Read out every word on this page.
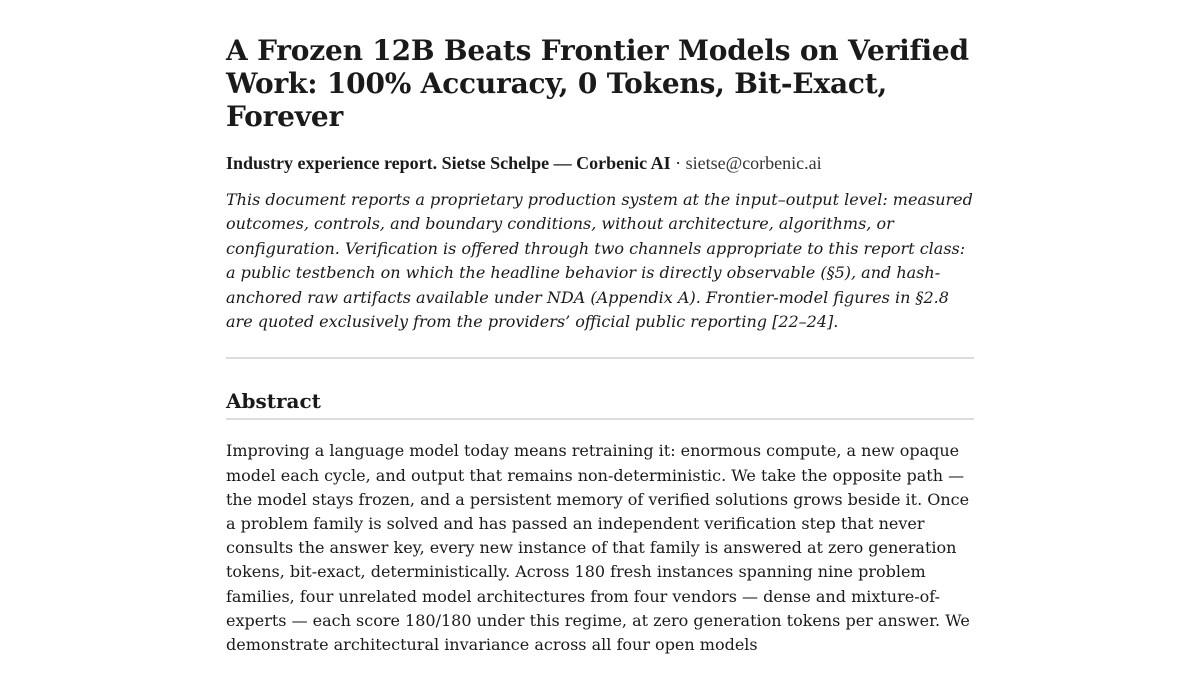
A Frozen 12B Beats Frontier Models on Verified Work: 100% Accuracy, 0 Tokens, Bit-Exact, Forever
Industry experience report. Sietse Schelpe — Corbenic AI · sietse@corbenic.ai

This document reports a proprietary production system at the input–output level: measured outcomes, controls, and boundary conditions, without architecture, algorithms, or configuration. Verification is offered through two channels appropriate to this report class: a public testbench on which the headline behavior is directly observable (§5), and hash-anchored raw artifacts available under NDA (Appendix A). Frontier-model figures in §2.8 are quoted exclusively from the providers’ official public reporting [22–24].

Abstract

Improving a language model today means retraining it: enormous compute, a new opaque model each cycle, and output that remains non-deterministic. We take the opposite path — the model stays frozen, and a persistent memory of verified solutions grows beside it. Once a problem family is solved and has passed an independent verification step that never consults the answer key, every new instance of that family is answered at zero generation tokens, bit-exact, deterministically. Across 180 fresh instances spanning nine problem families, four unrelated model architectures from four vendors — dense and mixture-of-experts — each score 180/180 under this regime, at zero generation tokens per answer. We demonstrate architectural invariance across all four open models
